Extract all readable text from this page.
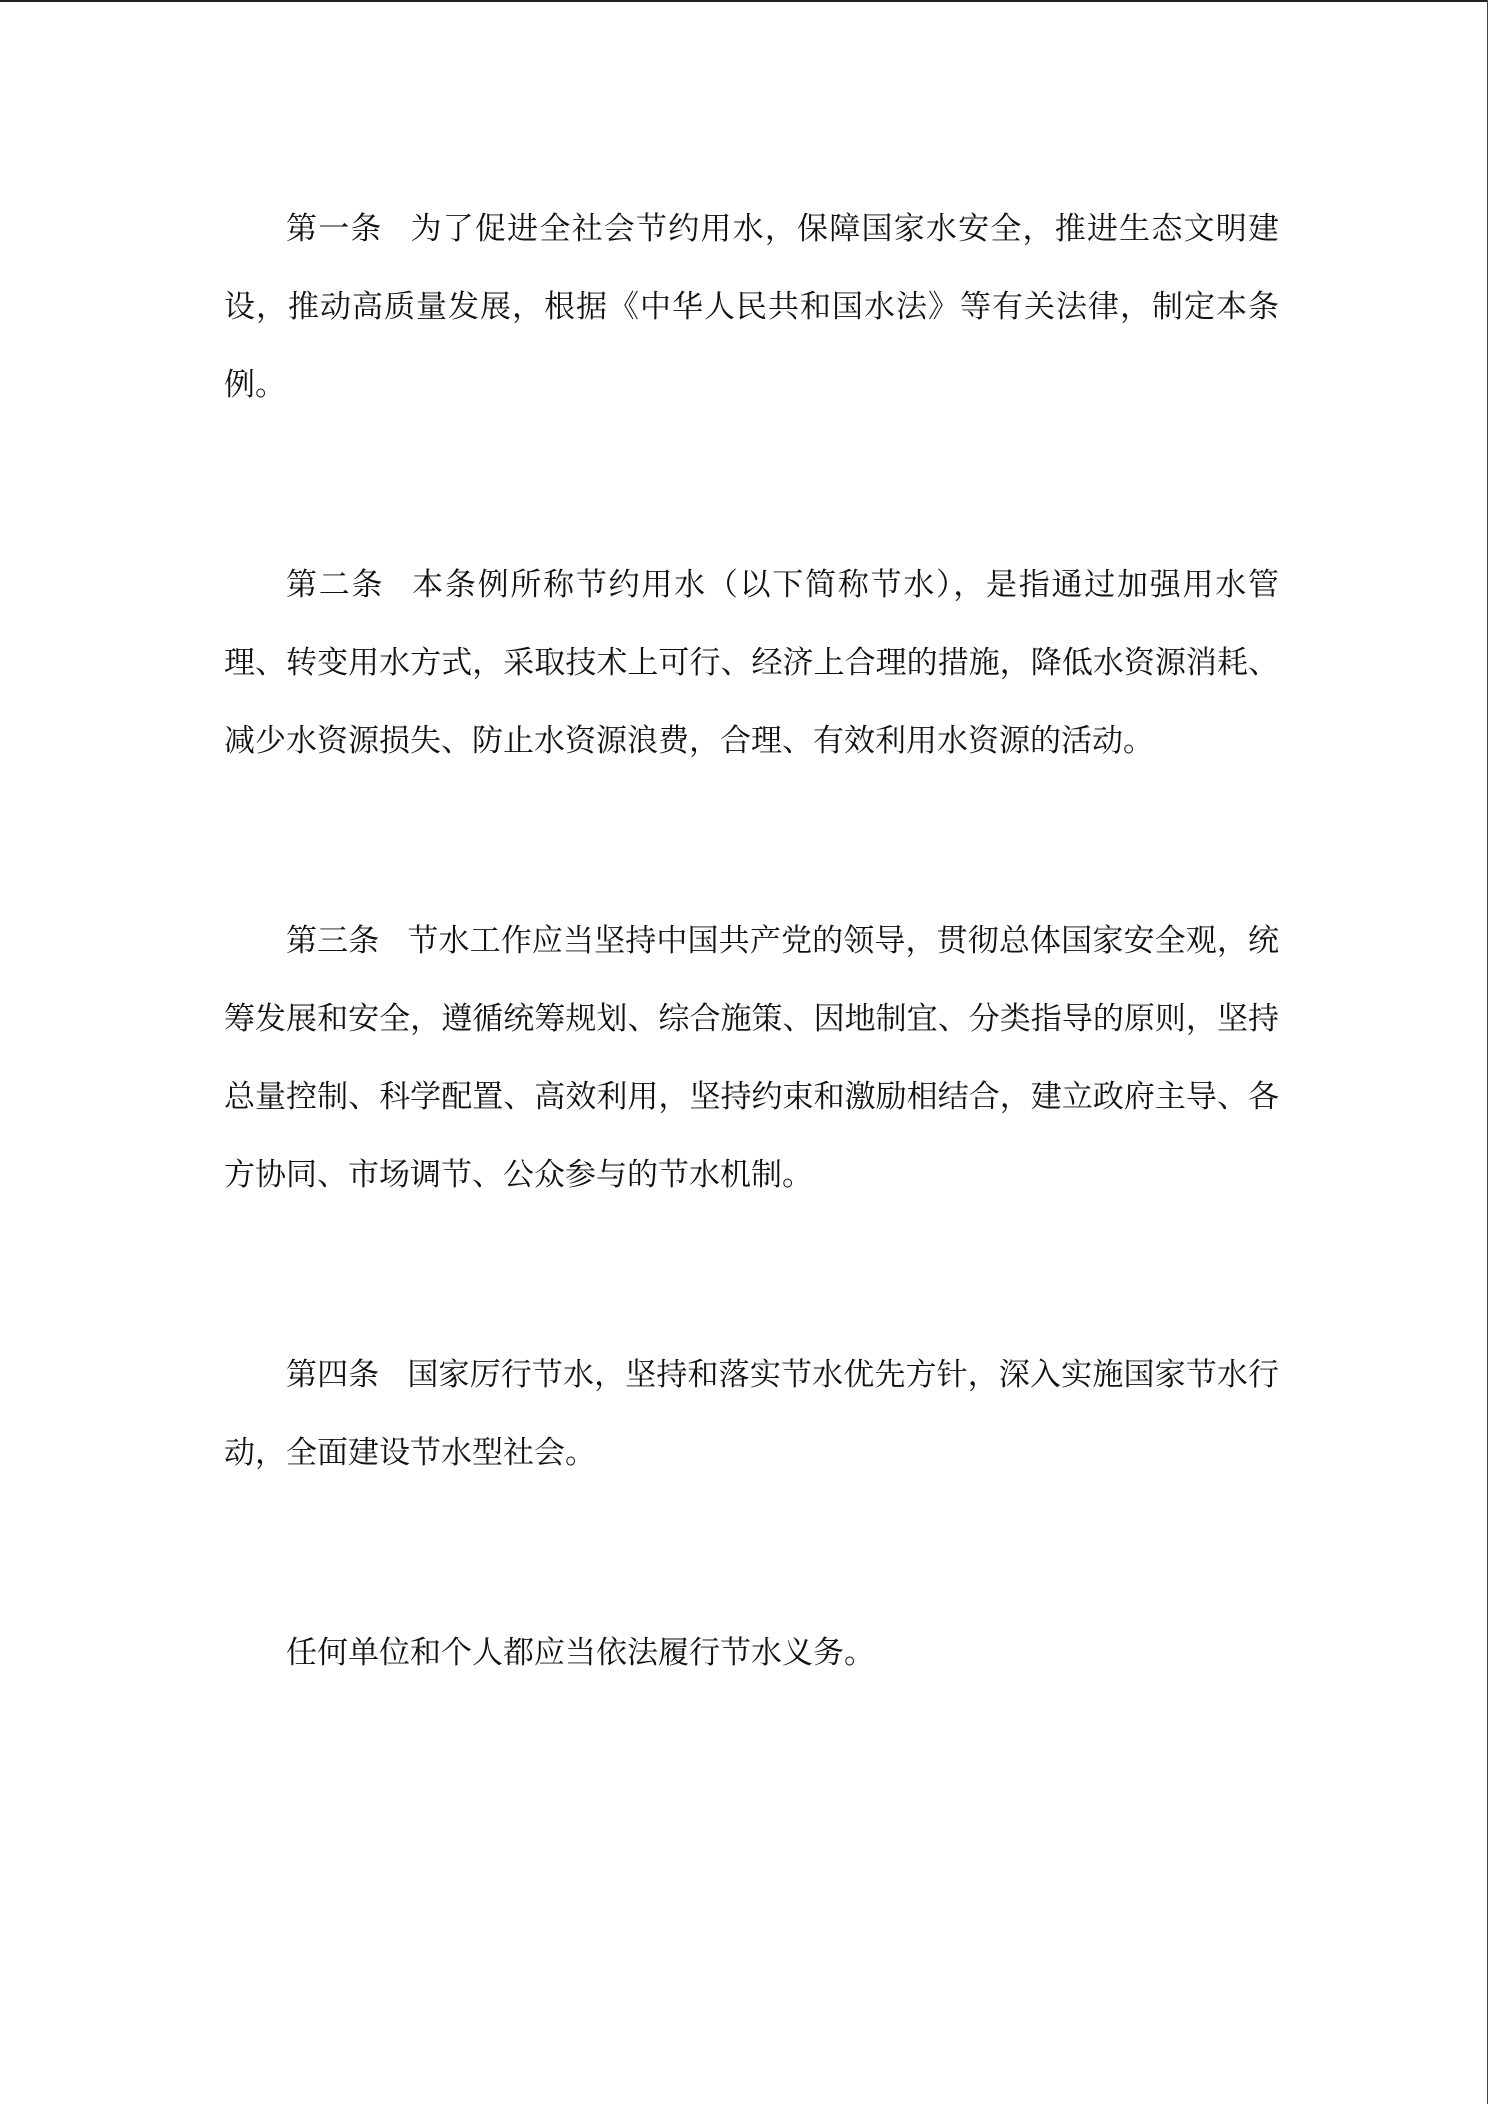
第一条 为了促进全社会节约用水，保障国家水安全，推进生态文明建设，推动高质量发展，根据《中华人民共和国水法》等有关法律，制定本条例。

第二条 本条例所称节约用水（以下简称节水），是指通过加强用水管理、转变用水方式，采取技术上可行、经济上合理的措施，降低水资源消耗、减少水资源损失、防止水资源浪费，合理、有效利用水资源的活动。

第三条 节水工作应当坚持中国共产党的领导，贯彻总体国家安全观，统筹发展和安全，遵循统筹规划、综合施策、因地制宜、分类指导的原则，坚持总量控制、科学配置、高效利用，坚持约束和激励相结合，建立政府主导、各方协同、市场调节、公众参与的节水机制。

第四条 国家厉行节水，坚持和落实节水优先方针，深入实施国家节水行动，全面建设节水型社会。

任何单位和个人都应当依法履行节水义务。
